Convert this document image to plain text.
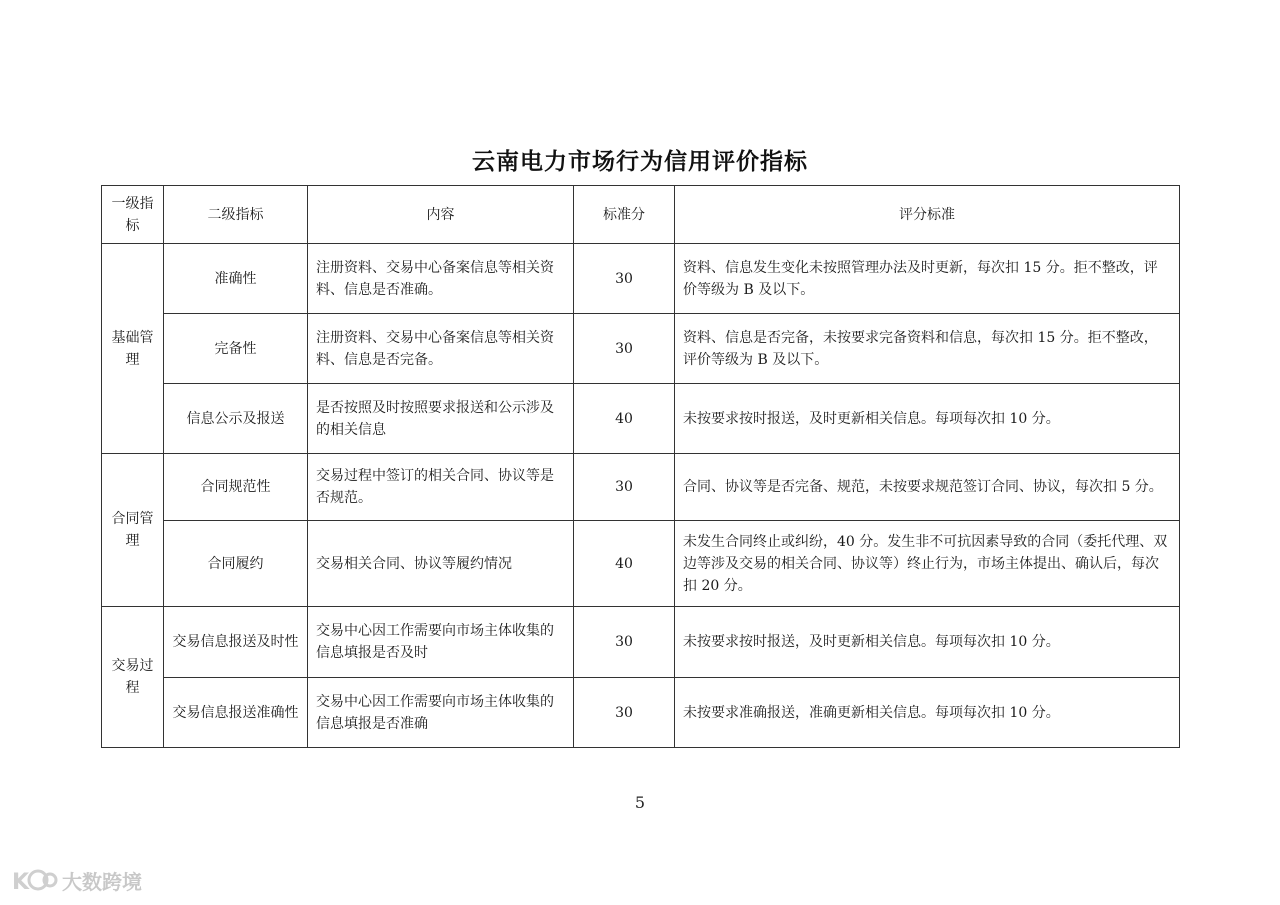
云南电力市场行为信用评价指标
一级指标	二级指标	内容	标准分	评分标准
基础管理	准确性	注册资料、交易中心备案信息等相关资料、信息是否准确。	30	资料、信息发生变化未按照管理办法及时更新，每次扣 15 分。拒不整改，评价等级为 B 及以下。
	完备性	注册资料、交易中心备案信息等相关资料、信息是否完备。	30	资料、信息是否完备，未按要求完备资料和信息，每次扣 15 分。拒不整改，评价等级为 B 及以下。
	信息公示及报送	是否按照及时按照要求报送和公示涉及的相关信息	40	未按要求按时报送，及时更新相关信息。每项每次扣 10 分。
合同管理	合同规范性	交易过程中签订的相关合同、协议等是否规范。	30	合同、协议等是否完备、规范，未按要求规范签订合同、协议，每次扣 5 分。
	合同履约	交易相关合同、协议等履约情况	40	未发生合同终止或纠纷，40 分。发生非不可抗因素导致的合同（委托代理、双边等涉及交易的相关合同、协议等）终止行为，市场主体提出、确认后，每次扣 20 分。
交易过程	交易信息报送及时性	交易中心因工作需要向市场主体收集的信息填报是否及时	30	未按要求按时报送，及时更新相关信息。每项每次扣 10 分。
	交易信息报送准确性	交易中心因工作需要向市场主体收集的信息填报是否准确	30	未按要求准确报送，准确更新相关信息。每项每次扣 10 分。
5
K 大数跨境
